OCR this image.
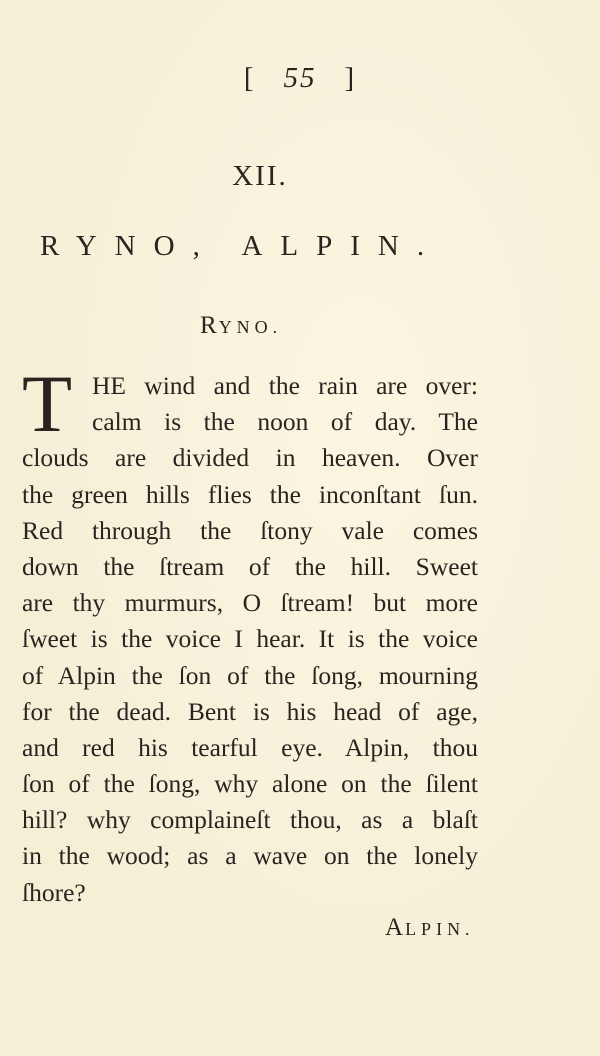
[ 55 ]
XII.
RYNO, ALPIN.
RYNO.
T HE wind and the rain are over:
calm is the noon of day. The
clouds are divided in heaven. Over
the green hills flies the inconſtant ſun.
Red through the ſtony vale comes
down the ſtream of the hill. Sweet
are thy murmurs, O ſtream! but more
ſweet is the voice I hear. It is the voice
of Alpin the ſon of the ſong, mourning
for the dead. Bent is his head of age,
and red his tearful eye. Alpin, thou
ſon of the ſong, why alone on the ſilent
hill? why complaineſt thou, as a blaſt
in the wood; as a wave on the lonely
ſhore?
ALPIN.
